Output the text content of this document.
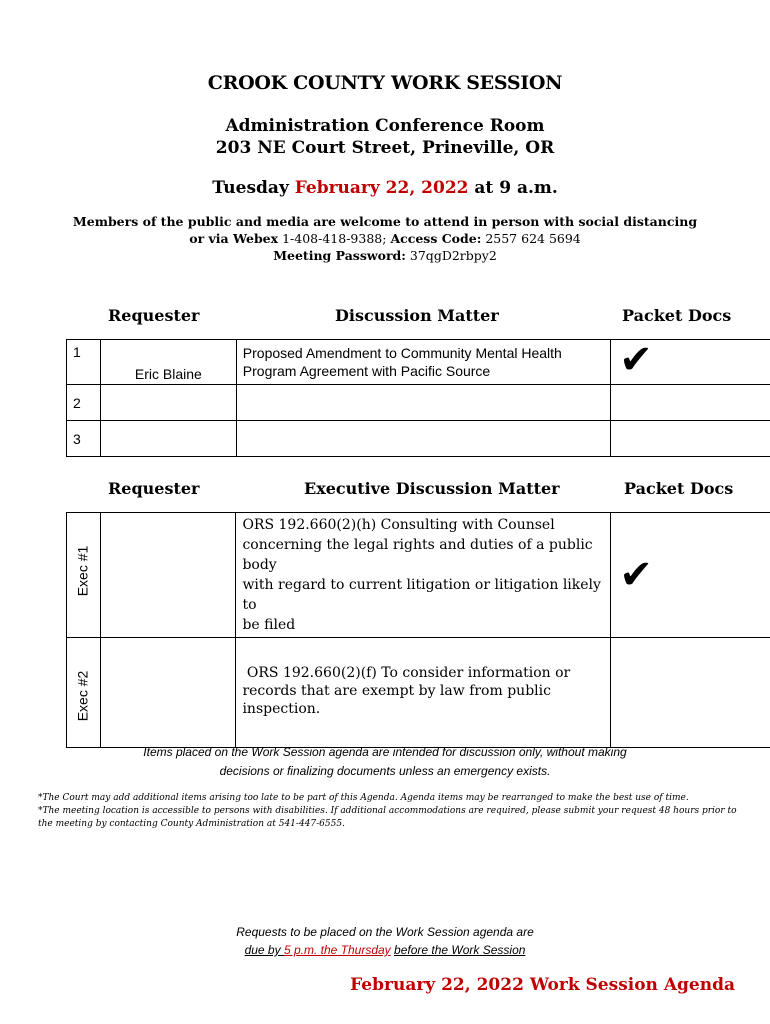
CROOK COUNTY WORK SESSION
Administration Conference Room
203 NE Court Street, Prineville, OR
Tuesday February 22, 2022 at 9 a.m.
Members of the public and media are welcome to attend in person with social distancing
or via Webex 1-408-418-9388; Access Code: 2557 624 5694
Meeting Password: 37qgD2rbpy2
Requester	Discussion Matter	Packet Docs
1	Eric Blaine	Proposed Amendment to Community Mental Health
Program Agreement with Pacific Source	✔
2			
3			
Requester	Executive Discussion Matter	Packet Docs
Exec #1		ORS 192.660(2)(h) Consulting with Counsel
concerning the legal rights and duties of a public body
with regard to current litigation or litigation likely to
be filed	✔

Exec #2		ORS 192.660(2)(f) To consider information or
records that are exempt by law from public
inspection.	

Items placed on the Work Session agenda are intended for discussion only, without making
decisions or finalizing documents unless an emergency exists.
*The Court may add additional items arising too late to be part of this Agenda. Agenda items may be rearranged to make the best use of time.
*The meeting location is accessible to persons with disabilities. If additional accommodations are required, please submit your request 48 hours prior to
the meeting by contacting County Administration at 541-447-6555.
Requests to be placed on the Work Session agenda are
due by 5 p.m. the Thursday before the Work Session
February 22, 2022 Work Session Agenda
